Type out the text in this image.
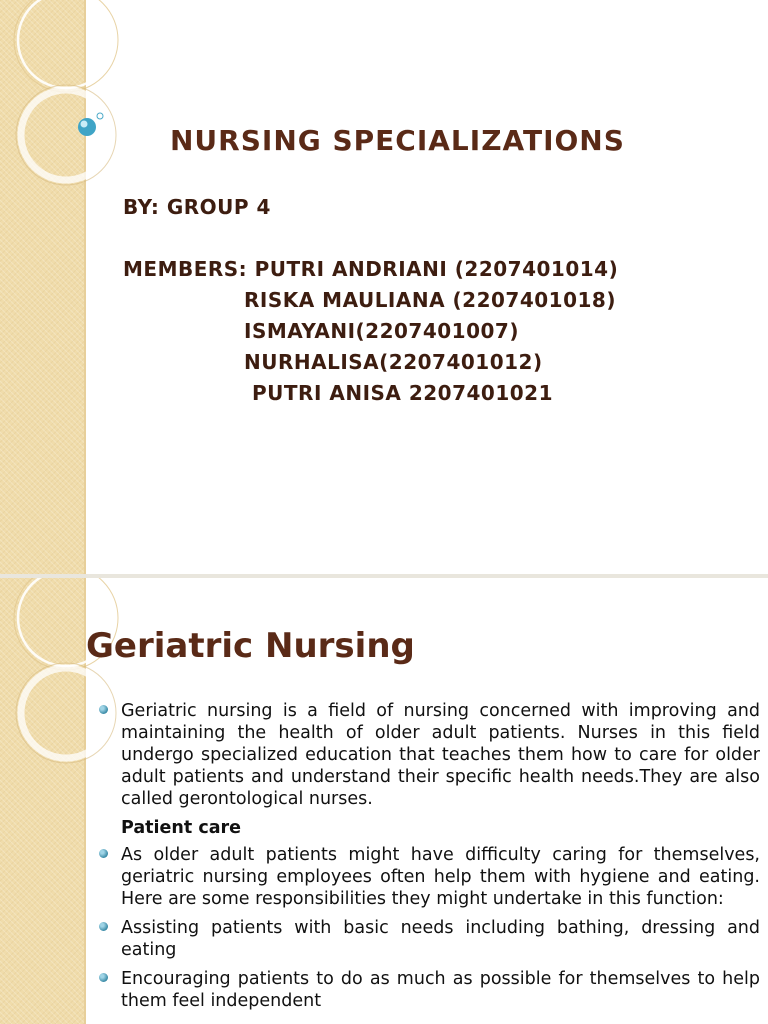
NURSING SPECIALIZATIONS
BY: GROUP 4
MEMBERS: PUTRI ANDRIANI (2207401014)
RISKA MAULIANA (2207401018)
ISMAYANI(2207401007)
NURHALISA(2207401012)
PUTRI ANISA 2207401021
Geriatric Nursing
Geriatric nursing is a field of nursing concerned with improving and maintaining the health of older adult patients. Nurses in this field undergo specialized education that teaches them how to care for older adult patients and understand their specific health needs.They are also called gerontological nurses.
Patient care
As older adult patients might have difficulty caring for themselves, geriatric nursing employees often help them with hygiene and eating. Here are some responsibilities they might undertake in this function:
Assisting patients with basic needs including bathing, dressing and eating
Encouraging patients to do as much as possible for themselves to help them feel independent
